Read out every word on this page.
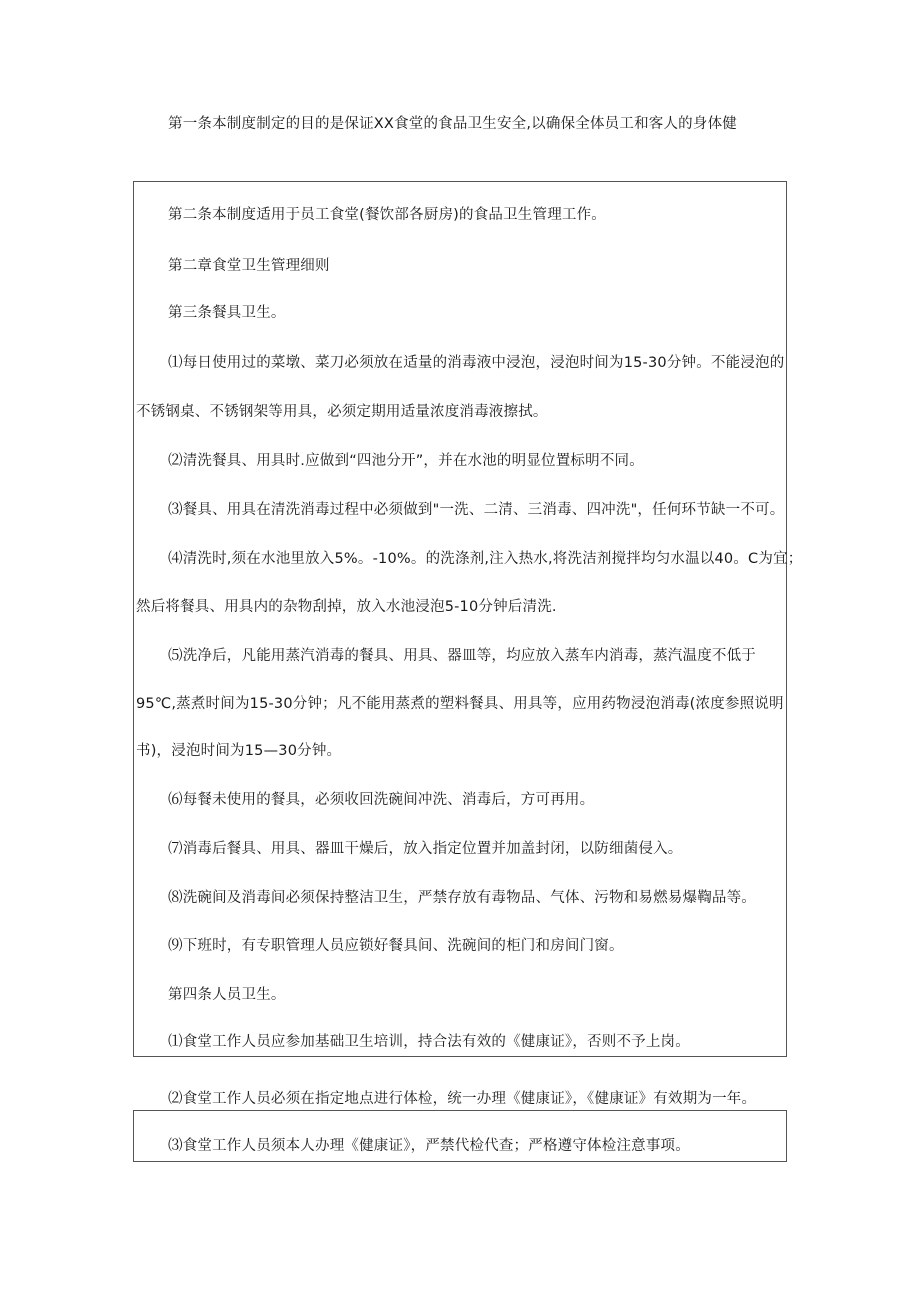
第一条本制度制定的目的是保证XX食堂的食品卫生安全,以确保全体员工和客人的身体健
第二条本制度适用于员工食堂(餐饮部各厨房)的食品卫生管理工作。
第二章食堂卫生管理细则
第三条餐具卫生。
⑴每日使用过的菜墩、菜刀必须放在适量的消毒液中浸泡，浸泡时间为15-30分钟。不能浸泡的
不锈钢桌、不锈钢架等用具，必须定期用适量浓度消毒液擦拭。
⑵清洗餐具、用具时.应做到“四池分开”，并在水池的明显位置标明不同。
⑶餐具、用具在清洗消毒过程中必须做到"一洗、二清、三消毒、四冲洗"，任何环节缺一不可。
⑷清洗时,须在水池里放入5%。-10%。的洗涤剂,注入热水,将洗洁剂搅拌均匀水温以40。C为宜；
然后将餐具、用具内的杂物刮掉，放入水池浸泡5-10分钟后清洗.
⑸洗净后，凡能用蒸汽消毒的餐具、用具、器皿等，均应放入蒸车内消毒，蒸汽温度不低于
95℃,蒸煮时间为15-30分钟；凡不能用蒸煮的塑料餐具、用具等，应用药物浸泡消毒(浓度参照说明
书)，浸泡时间为15—30分钟。
⑹每餐未使用的餐具，必须收回洗碗间冲洗、消毒后，方可再用。
⑺消毒后餐具、用具、器皿干燥后，放入指定位置并加盖封闭，以防细菌侵入。
⑻洗碗间及消毒间必须保持整洁卫生，严禁存放有毒物品、气体、污物和易燃易爆鞫品等。
⑼下班时，有专职管理人员应锁好餐具间、洗碗间的柜门和房间门窗。
第四条人员卫生。
⑴食堂工作人员应参加基础卫生培训，持合法有效的《健康证》，否则不予上岗。
⑵食堂工作人员必须在指定地点进行体检，统一办理《健康证》，《健康证》有效期为一年。
⑶食堂工作人员须本人办理《健康证》，严禁代检代查；严格遵守体检注意事项。
